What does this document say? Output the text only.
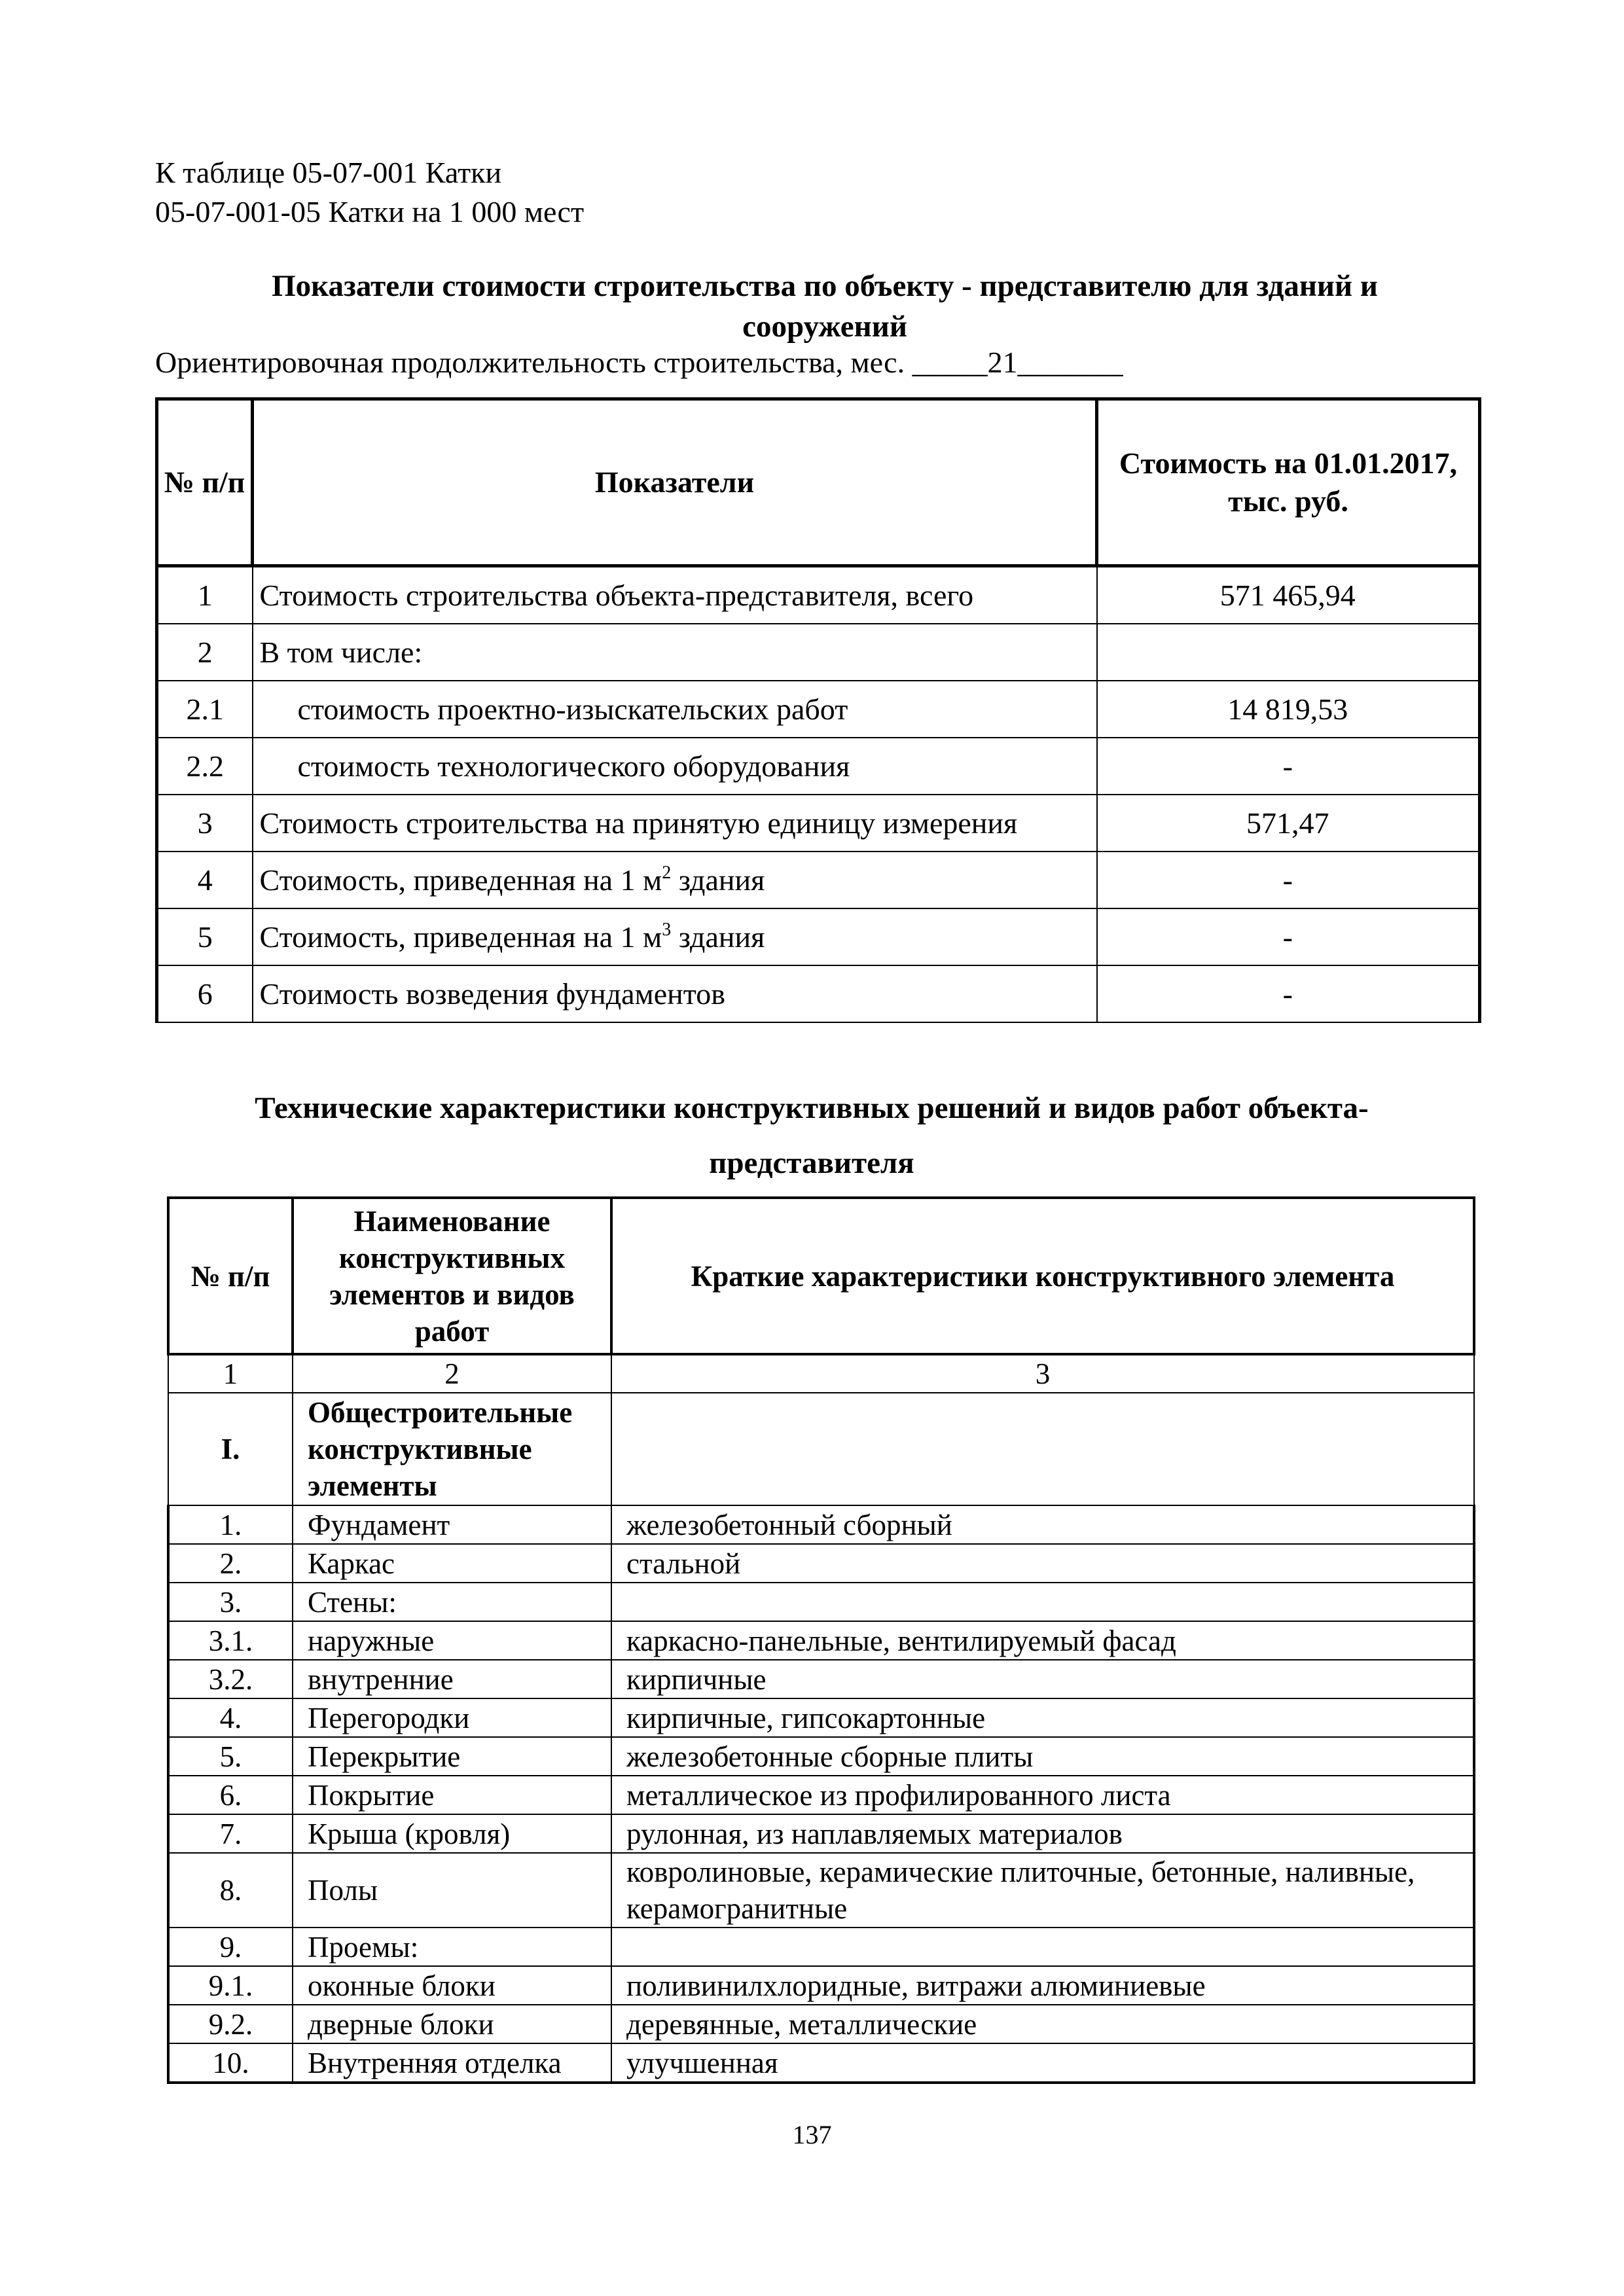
К таблице 05-07-001 Катки
05-07-001-05 Катки на 1 000 мест
Показатели стоимости строительства по объекту - представителю для зданий и сооружений
Ориентировочная продолжительность строительства, мес. _____21_______
№ п/п	Показатели	Стоимость на 01.01.2017, тыс. руб.
1	Стоимость строительства объекта-представителя, всего	571 465,94
2	В том числе:	
2.1	стоимость проектно-изыскательских работ	14 819,53
2.2	стоимость технологического оборудования	-
3	Стоимость строительства на принятую единицу измерения	571,47
4	Стоимость, приведенная на 1 $м^2$ здания	-
5	Стоимость, приведенная на 1 $м^3$ здания	-
6	Стоимость возведения фундаментов	-
Технические характеристики конструктивных решений и видов работ объекта-
представителя
№ п/п	Наименование конструктивных элементов и видов работ	Краткие характеристики конструктивного элемента
1	2	3
I.	Общестроительные конструктивные элементы	
1.	Фундамент	железобетонный сборный
2.	Каркас	стальной
3.	Стены:	
3.1.	наружные	каркасно-панельные, вентилируемый фасад
3.2.	внутренние	кирпичные
4.	Перегородки	кирпичные, гипсокартонные
5.	Перекрытие	железобетонные сборные плиты
6.	Покрытие	металлическое из профилированного листа
7.	Крыша (кровля)	рулонная, из наплавляемых материалов
8.	Полы	ковролиновые, керамические плиточные, бетонные, наливные, керамогранитные
9.	Проемы:	
9.1.	оконные блоки	поливинилхлоридные, витражи алюминиевые
9.2.	дверные блоки	деревянные, металлические
10.	Внутренняя отделка	улучшенная
137
